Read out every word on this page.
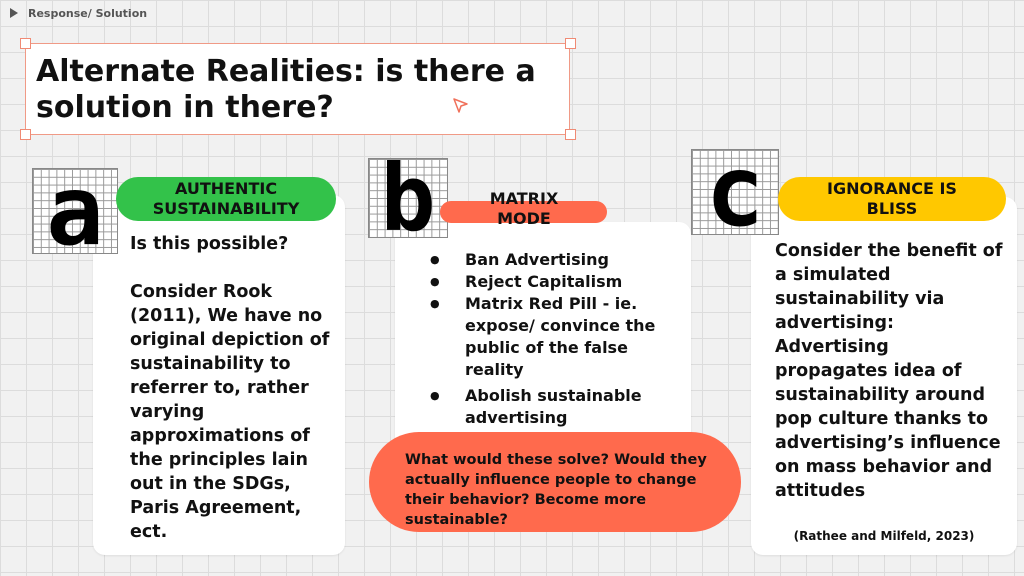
Response/ Solution
Alternate Realities: is there a solution in there?
a	AUTHENTIC SUSTAINABILITY

Is this possible?

Consider Rook (2011), We have no original depiction of sustainability to referrer to, rather varying approximations of the principles lain out in the SDGs, Paris Agreement, ect.

b	MATRIX MODE
● Ban Advertising
● Reject Capitalism
● Matrix Red Pill - ie. expose/ convince the public of the false reality
● Abolish sustainable advertising
●
c	IGNORANCE IS BLISS
Consider the benefit of a simulated sustainability via advertising: Advertising propagates idea of sustainability around pop culture thanks to advertising’s influence on mass behavior and attitudes
(Rathee and Milfeld, 2023)
What would these solve? Would they actually influence people to change their behavior? Become more sustainable?
